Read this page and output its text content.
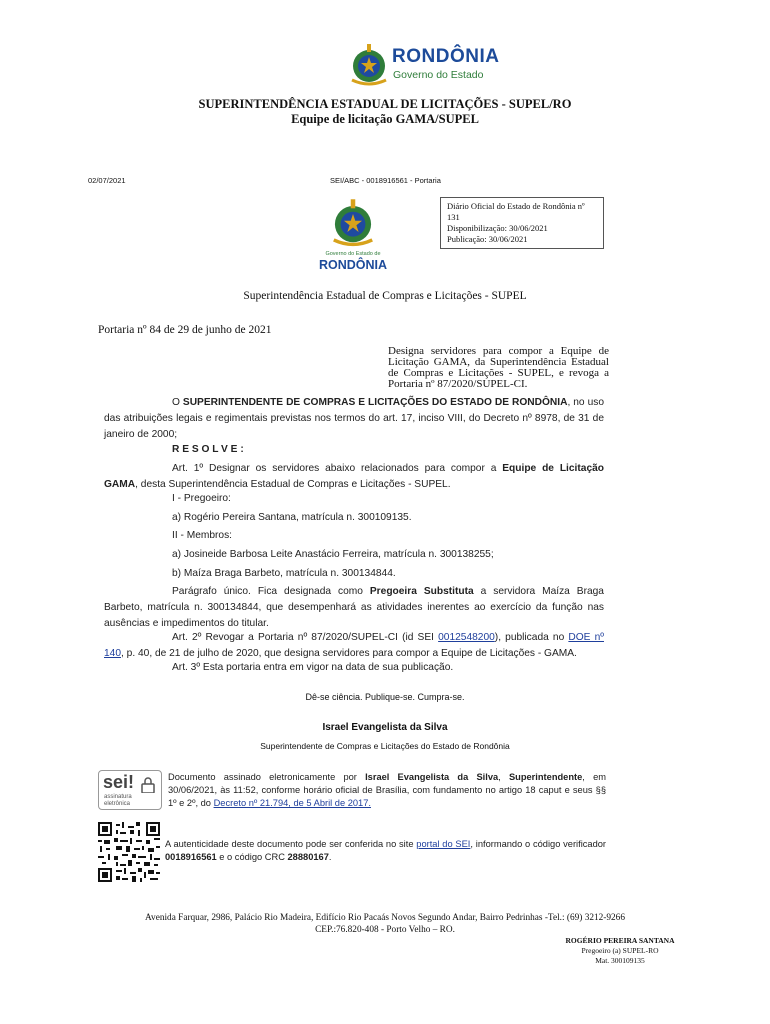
RONDÔNIA
Governo do Estado
SUPERINTENDÊNCIA ESTADUAL DE LICITAÇÕES - SUPEL/RO
Equipe de licitação GAMA/SUPEL
02/07/2021	SEI/ABC - 0018916561 - Portaria
Diário Oficial do Estado de Rondônia nº 131
Disponibilização: 30/06/2021
Publicação: 30/06/2021
Governo do Estado de
RONDÔNIA
Superintendência Estadual de Compras e Licitações - SUPEL
Portaria nº 84 de 29 de junho de 2021
Designa servidores para compor a Equipe de Licitação GAMA, da Superintendência Estadual de Compras e Licitações - SUPEL, e revoga a Portaria nº 87/2020/SUPEL-CI.
O SUPERINTENDENTE DE COMPRAS E LICITAÇÕES DO ESTADO DE RONDÔNIA, no uso das atribuições legais e regimentais previstas nos termos do art. 17, inciso VIII, do Decreto nº 8978, de 31 de janeiro de 2000;
R E S O L V E :
Art. 1º Designar os servidores abaixo relacionados para compor a Equipe de Licitação GAMA, desta Superintendência Estadual de Compras e Licitações - SUPEL.
I - Pregoeiro:
a) Rogério Pereira Santana, matrícula n. 300109135.
II - Membros:
a) Josineide Barbosa Leite Anastácio Ferreira, matrícula n. 300138255;
b) Maíza Braga Barbeto, matrícula n. 300134844.
Parágrafo único. Fica designada como Pregoeira Substituta a servidora Maíza Braga Barbeto, matrícula n. 300134844, que desempenhará as atividades inerentes ao exercício da função nas ausências e impedimentos do titular.
Art. 2º Revogar a Portaria nº 87/2020/SUPEL-CI (id SEI 0012548200), publicada no DOE nº 140, p. 40, de 21 de julho de 2020, que designa servidores para compor a Equipe de Licitações - GAMA.
Art. 3º Esta portaria entra em vigor na data de sua publicação.
Dê-se ciência. Publique-se. Cumpra-se.
Israel Evangelista da Silva
Superintendente de Compras e Licitações do Estado de Rondônia
sei!
assinatura
eletrônica
Documento assinado eletronicamente por Israel Evangelista da Silva, Superintendente, em 30/06/2021, às 11:52, conforme horário oficial de Brasília, com fundamento no artigo 18 caput e seus §§ 1º e 2º, do Decreto nº 21.794, de 5 Abril de 2017.
A autenticidade deste documento pode ser conferida no site portal do SEI, informando o código verificador 0018916561 e o código CRC 28880167.
Avenida Farquar, 2986, Palácio Rio Madeira, Edifício Rio Pacaás Novos Segundo Andar, Bairro Pedrinhas -Tel.: (69) 3212-9266
CEP.:76.820-408 - Porto Velho – RO.
ROGÉRIO PEREIRA SANTANA
Pregoeiro (a) SUPEL-RO
Mat. 300109135
